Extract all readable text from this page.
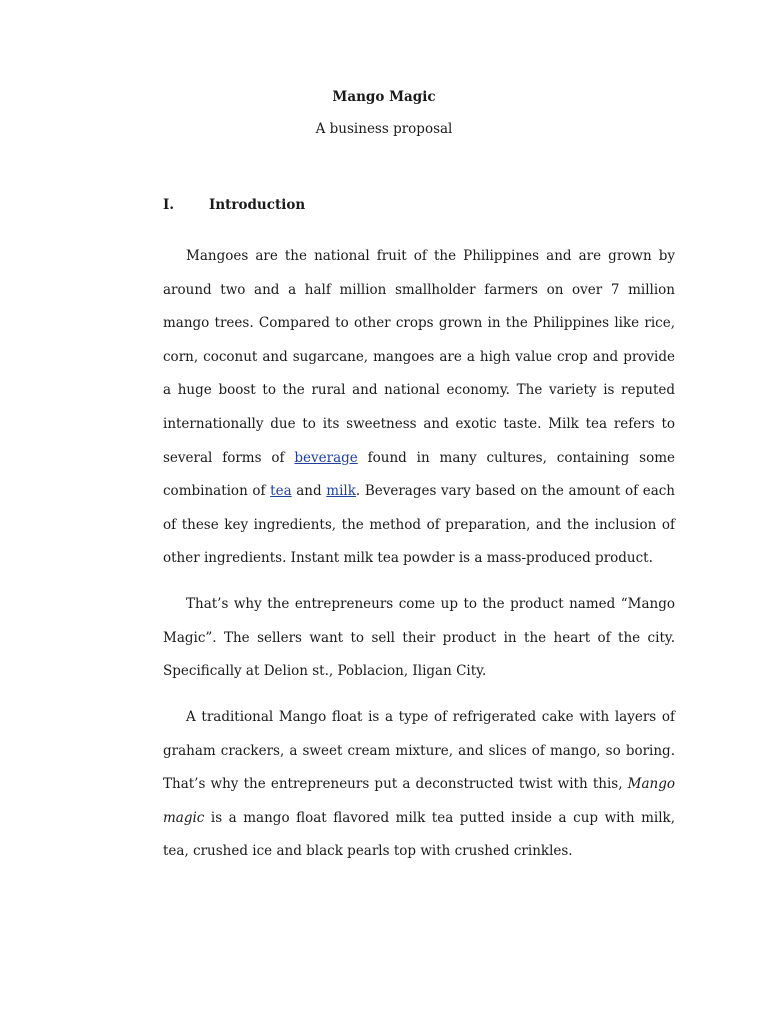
Mango Magic
A business proposal
I.	Introduction

Mangoes are the national fruit of the Philippines and are grown by around two and a half million smallholder farmers on over 7 million mango trees. Compared to other crops grown in the Philippines like rice, corn, coconut and sugarcane, mangoes are a high value crop and provide a huge boost to the rural and national economy. The variety is reputed internationally due to its sweetness and exotic taste. Milk tea refers to several forms of beverage found in many cultures, containing some combination of tea and milk. Beverages vary based on the amount of each of these key ingredients, the method of preparation, and the inclusion of other ingredients. Instant milk tea powder is a mass-produced product.

That’s why the entrepreneurs come up to the product named “Mango Magic”. The sellers want to sell their product in the heart of the city. Specifically at Delion st., Poblacion, Iligan City.

A traditional Mango float is a type of refrigerated cake with layers of graham crackers, a sweet cream mixture, and slices of mango, so boring. That’s why the entrepreneurs put a deconstructed twist with this, Mango magic is a mango float flavored milk tea putted inside a cup with milk, tea, crushed ice and black pearls top with crushed crinkles.
